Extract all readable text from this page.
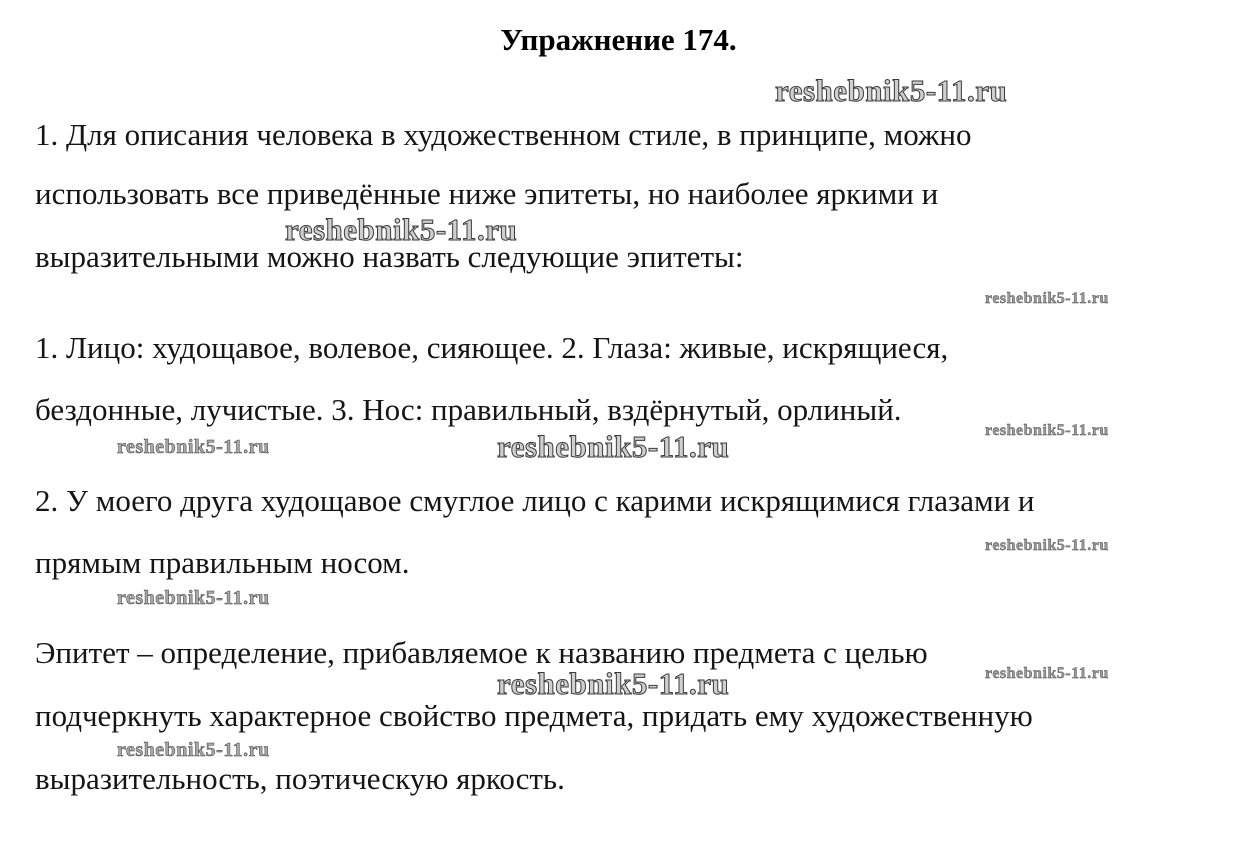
Упражнение 174.
1. Для описания человека в художественном стиле, в принципе, можно
использовать все приведённые ниже эпитеты, но наиболее яркими и
выразительными можно назвать следующие эпитеты:
1. Лицо: худощавое, волевое, сияющее. 2. Глаза: живые, искрящиеся,
бездонные, лучистые. 3. Нос: правильный, вздёрнутый, орлиный.
2. У моего друга худощавое смуглое лицо с карими искрящимися глазами и
прямым правильным носом.
Эпитет – определение, прибавляемое к названию предмета с целью
подчеркнуть характерное свойство предмета, придать ему художественную
выразительность, поэтическую яркость.
reshebnik5-11.ru
reshebnik5-11.ru
reshebnik5-11.ru
reshebnik5-11.ru
reshebnik5-11.ru	reshebnik5-11.ru
reshebnik5-11.ru
reshebnik5-11.ru
reshebnik5-11.ru
reshebnik5-11.ru
reshebnik5-11.ru
